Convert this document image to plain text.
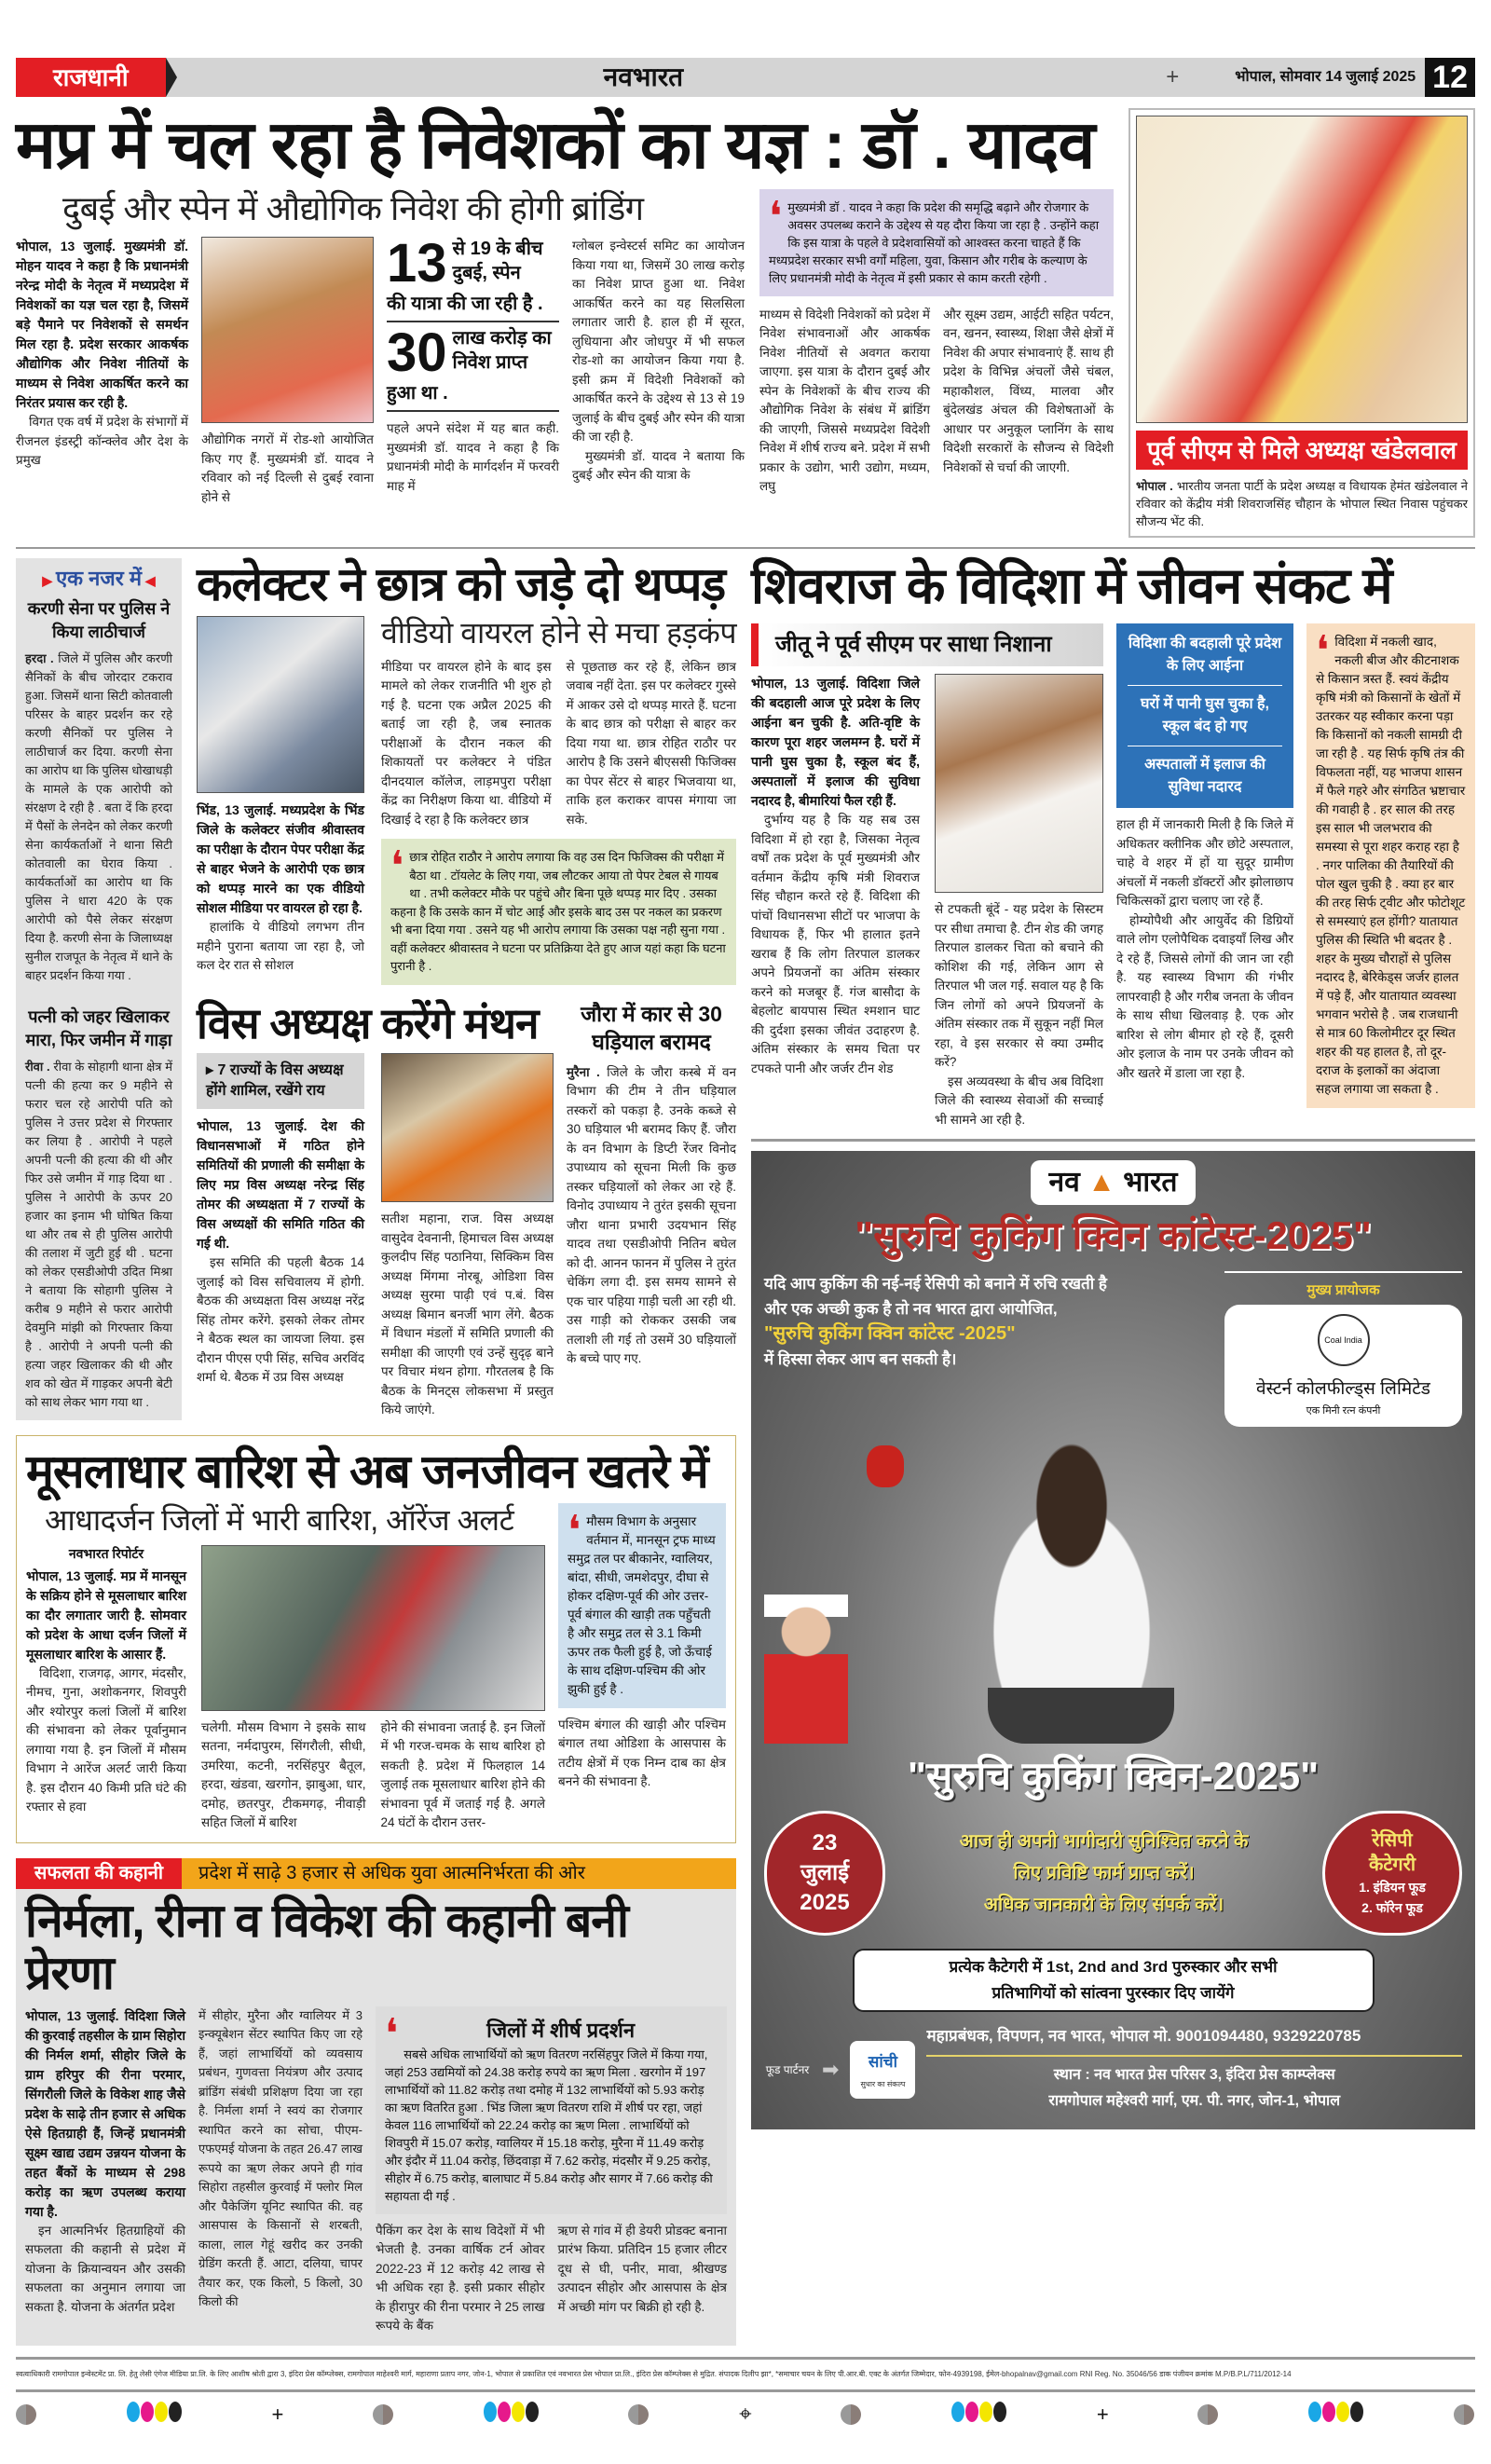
राजधानी	नवभारत	+	भोपाल, सोमवार 14 जुलाई 2025 12
मप्र में चल रहा है निवेशकों का यज्ञ : डॉ . यादव
दुबई और स्पेन में औद्योगिक निवेश की होगी ब्रांडिंग
भोपाल, 13 जुलाई. मुख्यमंत्री डॉ. मोहन यादव ने कहा है कि प्रधानमंत्री नरेन्द्र मोदी के नेतृत्व में मध्यप्रदेश में निवेशकों का यज्ञ चल रहा है, जिसमें बड़े पैमाने पर निवेशकों से समर्थन मिल रहा है. प्रदेश सरकार आकर्षक औद्योगिक और निवेश नीतियों के माध्यम से निवेश आकर्षित करने का निरंतर प्रयास कर रही है.
विगत एक वर्ष में प्रदेश के संभागों में रीजनल इंडस्ट्री कॉन्क्लेव और देश के प्रमुख
औद्योगिक नगरों में रोड-शो आयोजित किए गए हैं. मुख्यमंत्री डॉ. यादव ने रविवार को नई दिल्ली से दुबई रवाना होने से
13 से 19 के बीच दुबई, स्पेन
की यात्रा की जा रही है .
30 लाख करोड़ का निवेश प्राप्त
हुआ था .
पहले अपने संदेश में यह बात कही. मुख्यमंत्री डॉ. यादव ने कहा है कि प्रधानमंत्री मोदी के मार्गदर्शन में फरवरी माह में
ग्लोबल इन्वेस्टर्स समिट का आयोजन किया गया था, जिसमें 30 लाख करोड़ का निवेश प्राप्त हुआ था. निवेश आकर्षित करने का यह सिलसिला लगातार जारी है. हाल ही में सूरत, लुधियाना और जोधपुर में भी सफल रोड-शो का आयोजन किया गया है. इसी क्रम में विदेशी निवेशकों को आकर्षित करने के उद्देश्य से 13 से 19 जुलाई के बीच दुबई और स्पेन की यात्रा की जा रही है.

मुख्यमंत्री डॉ. यादव ने बताया कि दुबई और स्पेन की यात्रा के

❛ मुख्यमंत्री डॉ . यादव ने कहा कि प्रदेश की समृद्धि बढ़ाने और रोजगार के अवसर उपलब्ध कराने के उद्देश्य से यह दौरा किया जा रहा है . उन्होंने कहा कि इस यात्रा के पहले वे प्रदेशवासियों को आश्वस्त करना चाहते हैं कि मध्यप्रदेश सरकार सभी वर्गों महिला, युवा, किसान और गरीब के कल्याण के लिए प्रधानमंत्री मोदी के नेतृत्व में इसी प्रकार से काम करती रहेगी .
माध्यम से विदेशी निवेशकों को प्रदेश में निवेश संभावनाओं और आकर्षक निवेश नीतियों से अवगत कराया जाएगा. इस यात्रा के दौरान दुबई और स्पेन के निवेशकों के बीच राज्य की औद्योगिक निवेश के संबंध में ब्रांडिंग की जाएगी, जिससे मध्यप्रदेश विदेशी निवेश में शीर्ष राज्य बने. प्रदेश में सभी प्रकार के उद्योग, भारी उद्योग, मध्यम, लघु
और सूक्ष्म उद्यम, आईटी सहित पर्यटन, वन, खनन, स्वास्थ्य, शिक्षा जैसे क्षेत्रों में निवेश की अपार संभावनाएं हैं. साथ ही प्रदेश के विभिन्न अंचलों जैसे चंबल, महाकौशल, विंध्य, मालवा और बुंदेलखंड अंचल की विशेषताओं के आधार पर अनुकूल प्लानिंग के साथ विदेशी सरकारों के सौजन्य से विदेशी निवेशकों से चर्चा की जाएगी.
पूर्व सीएम से मिले अध्यक्ष खंडेलवाल
भोपाल . भारतीय जनता पार्टी के प्रदेश अध्यक्ष व विधायक हेमंत खंडेलवाल ने रविवार को केंद्रीय मंत्री शिवराजसिंह चौहान के भोपाल स्थित निवास पहुंचकर सौजन्य भेंट की.
▶ एक नजर में ◀
करणी सेना पर पुलिस ने किया लाठीचार्ज
हरदा . जिले में पुलिस और करणी सैनिकों के बीच जोरदार टकराव हुआ. जिसमें थाना सिटी कोतवाली परिसर के बाहर प्रदर्शन कर रहे करणी सैनिकों पर पुलिस ने लाठीचार्ज कर दिया. करणी सेना का आरोप था कि पुलिस धोखाधड़ी के मामले के एक आरोपी को संरक्षण दे रही है . बता दें कि हरदा में पैसों के लेनदेन को लेकर करणी सेना कार्यकर्ताओं ने थाना सिटी कोतवाली का घेराव किया . कार्यकर्ताओं का आरोप था कि पुलिस ने धारा 420 के एक आरोपी को पैसे लेकर संरक्षण दिया है. करणी सेना के जिलाध्यक्ष सुनील राजपूत के नेतृत्व में थाने के बाहर प्रदर्शन किया गया .
पत्नी को जहर खिलाकर मारा, फिर जमीन में गाड़ा
रीवा . रीवा के सोहागी थाना क्षेत्र में पत्नी की हत्या कर 9 महीने से फरार चल रहे आरोपी पति को पुलिस ने उत्तर प्रदेश से गिरफ्तार कर लिया है . आरोपी ने पहले अपनी पत्नी की हत्या की थी और फिर उसे जमीन में गाड़ दिया था . पुलिस ने आरोपी के ऊपर 20 हजार का इनाम भी घोषित किया था और तब से ही पुलिस आरोपी की तलाश में जुटी हुई थी . घटना को लेकर एसडीओपी उदित मिश्रा ने बताया कि सोहागी पुलिस ने करीब 9 महीने से फरार आरोपी देवमुनि मांझी को गिरफ्तार किया है . आरोपी ने अपनी पत्नी की हत्या जहर खिलाकर की थी और शव को खेत में गाड़कर अपनी बेटी को साथ लेकर भाग गया था .
कलेक्टर ने छात्र को जड़े दो थप्पड़
भिंड, 13 जुलाई. मध्यप्रदेश के भिंड जिले के कलेक्टर संजीव श्रीवास्तव का परीक्षा के दौरान पेपर परीक्षा केंद्र से बाहर भेजने के आरोपी एक छात्र को थप्पड़ मारने का एक वीडियो सोशल मीडिया पर वायरल हो रहा है.

हालांकि ये वीडियो लगभग तीन महीने पुराना बताया जा रहा है, जो कल देर रात से सोशल

वीडियो वायरल होने से मचा हड़कंप
मीडिया पर वायरल होने के बाद इस मामले को लेकर राजनीति भी शुरु हो गई है. घटना एक अप्रैल 2025 की बताई जा रही है, जब स्नातक परीक्षाओं के दौरान नकल की शिकायतों पर कलेक्टर ने पंडित दीनदयाल कॉलेज, लाड़मपुरा परीक्षा केंद्र का निरीक्षण किया था. वीडियो में दिखाई दे रहा है कि कलेक्टर छात्र
से पूछताछ कर रहे हैं, लेकिन छात्र जवाब नहीं देता. इस पर कलेक्टर गुस्से में आकर उसे दो थप्पड़ मारते हैं. घटना के बाद छात्र को परीक्षा से बाहर कर दिया गया था. छात्र रोहित राठौर पर आरोप है कि उसने बीएससी फिजिक्स का पेपर सेंटर से बाहर भिजवाया था, ताकि हल कराकर वापस मंगाया जा सके.
❛ छात्र रोहित राठौर ने आरोप लगाया कि वह उस दिन फिजिक्स की परीक्षा में बैठा था . टॉयलेट के लिए गया, जब लौटकर आया तो पेपर टेबल से गायब था . तभी कलेक्टर मौके पर पहुंचे और बिना पूछे थप्पड़ मार दिए . उसका कहना है कि उसके कान में चोट आई और इसके बाद उस पर नकल का प्रकरण भी बना दिया गया . उसने यह भी आरोप लगाया कि उसका पक्ष नही सुना गया . वहीं कलेक्टर श्रीवास्तव ने घटना पर प्रतिक्रिया देते हुए आज यहां कहा कि घटना पुरानी है .
विस अध्यक्ष करेंगे मंथन
▸ 7 राज्यों के विस अध्यक्ष होंगे शामिल, रखेंगे राय
भोपाल, 13 जुलाई. देश की विधानसभाओं में गठित होने समितियों की प्रणाली की समीक्षा के लिए मप्र विस अध्यक्ष नरेन्द्र सिंह तोमर की अध्यक्षता में 7 राज्यों के विस अध्यक्षों की समिति गठित की गई थी.

इस समिति की पहली बैठक 14 जुलाई को विस सचिवालय में होगी. बैठक की अध्यक्षता विस अध्यक्ष नरेंद्र सिंह तोमर करेंगे. इसको लेकर तोमर ने बैठक स्थल का जायजा लिया. इस दौरान पीएस एपी सिंह, सचिव अरविंद शर्मा थे. बैठक में उप्र विस अध्यक्ष

सतीश महाना, राज. विस अध्यक्ष वासुदेव देवनानी, हिमाचल विस अध्यक्ष कुलदीप सिंह पठानिया, सिक्किम विस अध्यक्ष मिंगमा नोरबू, ओडिशा विस अध्यक्ष सुरमा पाढ़ी एवं प.बं. विस अध्यक्ष बिमान बनर्जी भाग लेंगे. बैठक में विधान मंडलों में समिति प्रणाली की समीक्षा की जाएगी एवं उन्हें सुदृढ़ बाने पर विचार मंथन होगा. गौरतलब है कि बैठक के मिनट्स लोकसभा में प्रस्तुत किये जाएंगे.
जौरा में कार से 30 घड़ियाल बरामद
मुरैना . जिले के जौरा कस्बे में वन विभाग की टीम ने तीन घड़ियाल तस्करों को पकड़ा है. उनके कब्जे से 30 घड़ियाल भी बरामद किए हैं. जौरा के वन विभाग के डिप्टी रेंजर विनोद उपाध्याय को सूचना मिली कि कुछ तस्कर घड़ियालों को लेकर आ रहे हैं. विनोद उपाध्याय ने तुरंत इसकी सूचना जौरा थाना प्रभारी उदयभान सिंह यादव तथा एसडीओपी नितिन बघेल को दी. आनन फानन में पुलिस ने तुरंत चेकिंग लगा दी. इस समय सामने से एक चार पहिया गाड़ी चली आ रही थी. उस गाड़ी को रोककर उसकी जब तलाशी ली गई तो उसमें 30 घड़ियालों के बच्चे पाए गए.
मूसलाधार बारिश से अब जनजीवन खतरे में
आधादर्जन जिलों में भारी बारिश, ऑरेंज अलर्ट
नवभारत रिपोर्टर
भोपाल, 13 जुलाई. मप्र में मानसून के सक्रिय होने से मूसलाधार बारिश का दौर लगातार जारी है. सोमवार को प्रदेश के आधा दर्जन जिलों में मूसलाधार बारिश के आसार हैं.

विदिशा, राजगढ़, आगर, मंदसौर, नीमच, गुना, अशोकनगर, शिवपुरी और श्योरपुर कलां जिलों में बारिश की संभावना को लेकर पूर्वानुमान लगाया गया है. इन जिलों में मौसम विभाग ने आरेंज अलर्ट जारी किया है. इस दौरान 40 किमी प्रति घंटे की रफ्तार से हवा

चलेगी. मौसम विभाग ने इसके साथ सतना, नर्मदापुरम, सिंगरौली, सीधी, उमरिया, कटनी, नरसिंहपुर बैतूल, हरदा, खंडवा, खरगोन, झाबुआ, धार, दमोह, छतरपुर, टीकमगढ़, नीवाड़ी सहित जिलों में बारिश
होने की संभावना जताई है. इन जिलों में भी गरज-चमक के साथ बारिश हो सकती है. प्रदेश में फिलहाल 14 जुलाई तक मूसलाधार बारिश होने की संभावना पूर्व में जताई गई है. अगले 24 घंटों के दौरान उत्तर-
❛ मौसम विभाग के अनुसार वर्तमान में, मानसून ट्रफ माध्य समुद्र तल पर बीकानेर, ग्वालियर, बांदा, सीधी, जमशेदपुर, दीघा से होकर दक्षिण-पूर्व की ओर उत्तर-पूर्व बंगाल की खाड़ी तक पहुँचती है और समुद्र तल से 3.1 किमी ऊपर तक फैली हुई है, जो ऊँचाई के साथ दक्षिण-पश्चिम की ओर झुकी हुई है .
पश्चिम बंगाल की खाड़ी और पश्चिम बंगाल तथा ओडिशा के आसपास के तटीय क्षेत्रों में एक निम्न दाब का क्षेत्र बनने की संभावना है.
सफलता की कहानी	प्रदेश में साढ़े 3 हजार से अधिक युवा आत्मनिर्भरता की ओर
निर्मला, रीना व विकेश की कहानी बनी प्रेरणा
भोपाल, 13 जुलाई. विदिशा जिले की कुरवाई तहसील के ग्राम सिहोरा की निर्मल शर्मा, सीहोर जिले के ग्राम हरिपुर की रीना परमार, सिंगरौली जिले के विकेश शाह जैसे प्रदेश के साढ़े तीन हजार से अधिक ऐसे हितग्राही हैं, जिन्हें प्रधानमंत्री सूक्ष्म खाद्य उद्यम उन्नयन योजना के तहत बैंकों के माध्यम से 298 करोड़ का ऋण उपलब्ध कराया गया है.

इन आत्मनिर्भर हितग्राहियों की सफलता की कहानी से प्रदेश में योजना के क्रियान्वयन और उसकी सफलता का अनुमान लगाया जा सकता है. योजना के अंतर्गत प्रदेश

में सीहोर, मुरैना और ग्वालियर में 3 इन्क्यूबेशन सेंटर स्थापित किए जा रहे हैं, जहां लाभार्थियों को व्यवसाय प्रबंधन, गुणवत्ता नियंत्रण और उत्पाद ब्रांडिंग संबंधी प्रशिक्षण दिया जा रहा है. निर्मला शर्मा ने स्वयं का रोजगार स्थापित करने का सोचा, पीएम-एफएमई योजना के तहत 26.47 लाख रूपये का ऋण लेकर अपने ही गांव सिहोरा तहसील कुरवाई में फ्लोर मिल और पैकेजिंग यूनिट स्थापित की. वह आसपास के किसानों से शरबती, काला, लाल गेहूं खरीद कर उनकी ग्रेडिंग करती हैं. आटा, दलिया, चापर तैयार कर, एक किलो, 5 किलो, 30 किलो की
❛	जिलों में शीर्ष प्रदर्शन
सबसे अधिक लाभार्थियों को ऋण वितरण नरसिंहपुर जिले में किया गया, जहां 253 उद्यमियों को 24.38 करोड़ रुपये का ऋण मिला . खरगोन में 197 लाभार्थियों को 11.82 करोड़ तथा दमोह में 132 लाभार्थियों को 5.93 करोड़ का ऋण वितरित हुआ . भिंड जिला ऋण वितरण राशि में शीर्ष पर रहा, जहां केवल 116 लाभार्थियों को 22.24 करोड़ का ऋण मिला . लाभार्थियों को शिवपुरी में 15.07 करोड़, ग्वालियर में 15.18 करोड़, मुरैना में 11.49 करोड़ और इंदौर में 11.04 करोड़, छिंदवाड़ा में 7.62 करोड़, मंदसौर में 9.25 करोड़, सीहोर में 6.75 करोड़, बालाघाट में 5.84 करोड़ और सागर में 7.66 करोड़ की सहायता दी गई .
पैकिंग कर देश के साथ विदेशों में भी भेजती है. उनका वार्षिक टर्न ओवर 2022-23 में 12 करोड़ 42 लाख से भी अधिक रहा है. इसी प्रकार सीहोर के हीरापुर की रीना परमार ने 25 लाख रूपये के बैंक
ऋण से गांव में ही डेयरी प्रोडक्ट बनाना प्रारंभ किया. प्रतिदिन 15 हजार लीटर दूध से घी, पनीर, मावा, श्रीखण्ड उत्पादन सीहोर और आसपास के क्षेत्र में अच्छी मांग पर बिक्री हो रही है.
शिवराज के विदिशा में जीवन संकट में
जीतू ने पूर्व सीएम पर साधा निशाना
भोपाल, 13 जुलाई. विदिशा जिले की बदहाली आज पूरे प्रदेश के लिए आईना बन चुकी है. अति-वृष्टि के कारण पूरा शहर जलमग्न है. घरों में पानी घुस चुका है, स्कूल बंद हैं, अस्पतालों में इलाज की सुविधा नदारद है, बीमारियां फैल रही हैं.

दुर्भाग्य यह है कि यह सब उस विदिशा में हो रहा है, जिसका नेतृत्व वर्षों तक प्रदेश के पूर्व मुख्यमंत्री और वर्तमान केंद्रीय कृषि मंत्री शिवराज सिंह चौहान करते रहे हैं. विदिशा की पांचों विधानसभा सीटों पर भाजपा के विधायक हैं, फिर भी हालात इतने खराब हैं कि लोग तिरपाल डालकर अपने प्रियजनों का अंतिम संस्कार करने को मजबूर हैं. गंज बासौदा के बेहलोट बायपास स्थित श्मशान घाट की दुर्दशा इसका जीवंत उदाहरण है. अंतिम संस्कार के समय चिता पर टपकते पानी और जर्जर टीन शेड

से टपकती बूंदें - यह प्रदेश के सिस्टम पर सीधा तमाचा है. टीन शेड की जगह तिरपाल डालकर चिता को बचाने की कोशिश की गई, लेकिन आग से तिरपाल भी जल गई. सवाल यह है कि जिन लोगों को अपने प्रियजनों के अंतिम संस्कार तक में सुकून नहीं मिल रहा, वे इस सरकार से क्या उम्मीद करें?

इस अव्यवस्था के बीच अब विदिशा जिले की स्वास्थ्य सेवाओं की सच्चाई भी सामने आ रही है.

विदिशा की बदहाली पूरे प्रदेश के लिए आईना
घरों में पानी घुस चुका है, स्कूल बंद हो गए
अस्पतालों में इलाज की सुविधा नदारद
हाल ही में जानकारी मिली है कि जिले में अधिकतर क्लीनिक और छोटे अस्पताल, चाहे वे शहर में हों या सुदूर ग्रामीण अंचलों में नकली डॉक्टरों और झोलाछाप चिकित्सकों द्वारा चलाए जा रहे हैं.

होम्योपैथी और आयुर्वेद की डिग्रियों वाले लोग एलोपैथिक दवाइयाँ लिख और दे रहे हैं, जिससे लोगों की जान जा रही है. यह स्वास्थ्य विभाग की गंभीर लापरवाही है और गरीब जनता के जीवन के साथ सीधा खिलवाड़ है. एक ओर बारिश से लोग बीमार हो रहे हैं, दूसरी ओर इलाज के नाम पर उनके जीवन को और खतरे में डाला जा रहा है.

❛ विदिशा में नकली खाद, नकली बीज और कीटनाशक से किसान त्रस्त हैं. स्वयं केंद्रीय कृषि मंत्री को किसानों के खेतों में उतरकर यह स्वीकार करना पड़ा कि किसानों को नकली सामग्री दी जा रही है . यह सिर्फ कृषि तंत्र की विफलता नहीं, यह भाजपा शासन में फैले गहरे और संगठित भ्रष्टाचार की गवाही है . हर साल की तरह इस साल भी जलभराव की समस्या से पूरा शहर कराह रहा है . नगर पालिका की तैयारियों की पोल खुल चुकी है . क्या हर बार की तरह सिर्फ ट्वीट और फोटोशूट से समस्याएं हल होंगी? यातायात पुलिस की स्थिति भी बदतर है . शहर के मुख्य चौराहों से पुलिस नदारद है, बेरिकेड्स जर्जर हालत में पड़े हैं, और यातायात व्यवस्था भगवान भरोसे है . जब राजधानी से मात्र 60 किलोमीटर दूर स्थित शहर की यह हालत है, तो दूर-दराज के इलाकों का अंदाजा सहज लगाया जा सकता है .
नव ▲ भारत
"सुरुचि कुकिंग क्विन कांटेस्ट-2025"
यदि आप कुकिंग की नई-नई रेसिपी को बनाने में रुचि रखती है
और एक अच्छी कुक है तो नव भारत द्वारा आयोजित,
"सुरुचि कुकिंग क्विन कांटेस्ट -2025"
में हिस्सा लेकर आप बन सकती है।
मुख्य प्रायोजक
Coal India
वेस्टर्न कोलफील्ड्स लिमिटेड
एक मिनी रत्न कंपनी
"सुरुचि कुकिंग क्विन-2025"
23
जुलाई
2025
आज ही अपनी भागीदारी सुनिश्चित करने के
लिए प्रविष्टि फार्म प्राप्त करें।
अधिक जानकारी के लिए संपर्क करें।
रेसिपी
कैटेगरी
1. इंडियन फूड
2. फॉरेन फूड
प्रत्येक कैटेगरी में 1st, 2nd and 3rd पुरुस्कार और सभी
प्रतिभागियों को सांत्वना पुरस्कार दिए जायेंगे
फूड पार्टनर ➡	सांची
सुधार का संकल्प
महाप्रबंधक, विपणन, नव भारत, भोपाल मो. 9001094480, 9329220785
स्थान : नव भारत प्रेस परिसर 3, इंदिरा प्रेस काम्प्लेक्स
रामगोपाल महेश्वरी मार्ग, एम. पी. नगर, जोन-1, भोपाल
स्वत्वाधिकारी रामगोपाल इन्वेस्टमेंट प्रा. लि. हेतु लेसी एंगेज मीडिया प्रा.लि. के लिए आशीष श्रोती द्वारा 3, इंदिरा प्रेस कॉम्प्लेक्स, रामगोपाल माहेश्वरी मार्ग, महाराणा प्रताप नगर, जोन-1, भोपाल से प्रकाशित एवं नवभारत प्रेस भोपाल प्रा.लि., इंदिरा प्रेस कॉम्प्लेक्स से मुद्रित. संपादक दिलीप झा*, *समाचार चयन के लिए पी.आर.बी. एक्ट के अंतर्गत जिम्मेदार, फोन-4939198, ईमेल-bhopalnav@gmail.com RNI Reg. No. 35046/56 डाक पंजीयन क्रमांक M.P/B.P.L/711/2012-14
+	⌖	+
